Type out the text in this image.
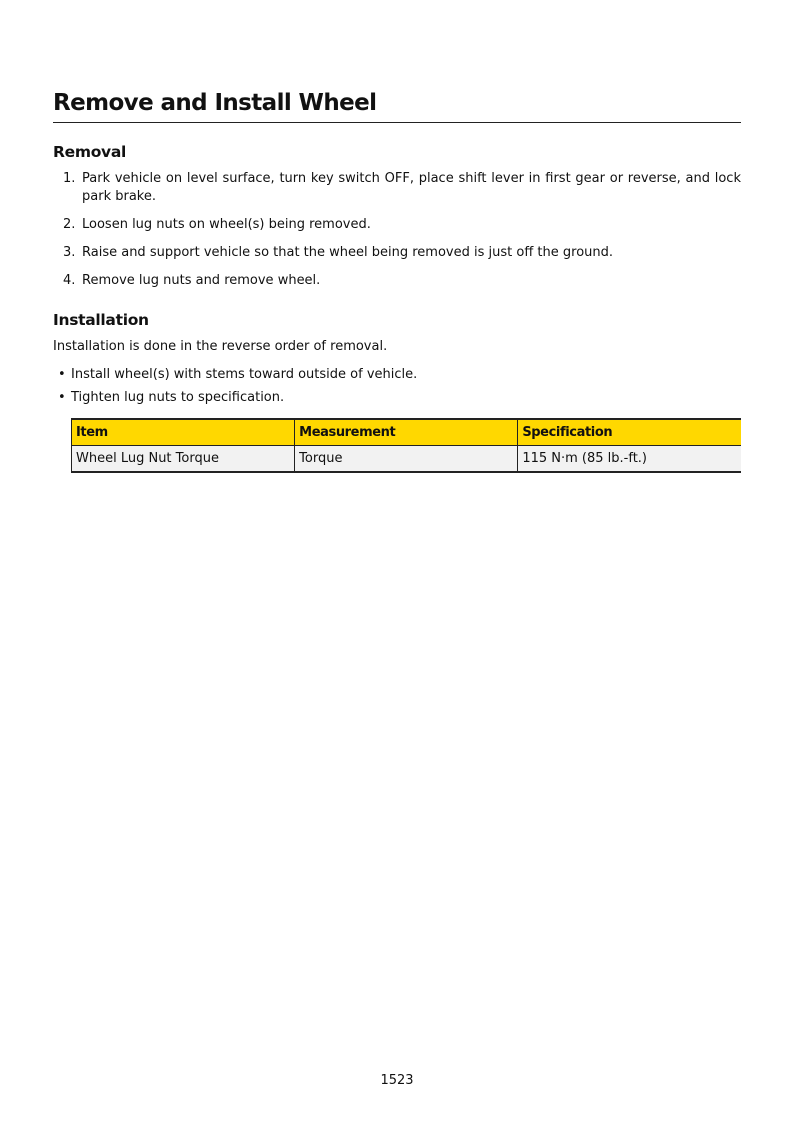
Remove and Install Wheel
Removal
1. Park vehicle on level surface, turn key switch OFF, place shift lever in first gear or reverse, and lock park brake.
2. Loosen lug nuts on wheel(s) being removed.
3. Raise and support vehicle so that the wheel being removed is just off the ground.
4. Remove lug nuts and remove wheel.
Installation

Installation is done in the reverse order of removal.

• Install wheel(s) with stems toward outside of vehicle.
• Tighten lug nuts to specification.
Item	Measurement	Specification
Wheel Lug Nut Torque	Torque	115 N·m (85 lb.-ft.)
1523
